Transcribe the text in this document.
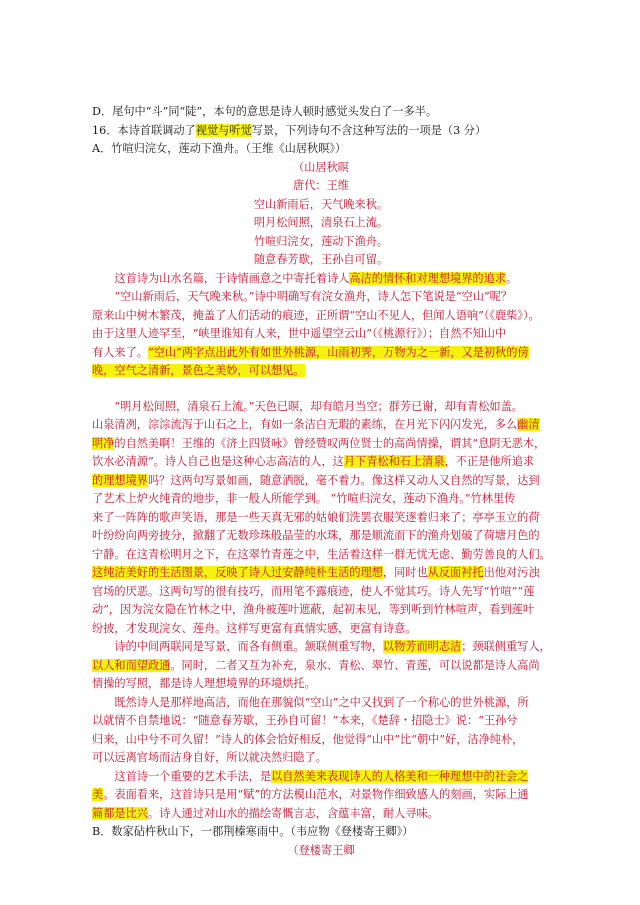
D．尾句中“斗”同“陡”，本句的意思是诗人顿时感觉头发白了一多半。
16．本诗首联调动了视觉与听觉写景，下列诗句不含这种写法的一项是（3 分）
A．竹喧归浣女，莲动下渔舟。（王维《山居秋暝》）
（山居秋暝
唐代：王维
空山新雨后，天气晚来秋。
明月松间照，清泉石上流。
竹喧归浣女，莲动下渔舟。
随意春芳歇，王孙自可留。
这首诗为山水名篇，于诗情画意之中寄托着诗人高洁的情怀和对理想境界的追求。
“空山新雨后，天气晚来秋。”诗中明确写有浣女渔舟，诗人怎下笔说是“空山”呢？
原来山中树木繁茂，掩盖了人们活动的痕迹，正所谓“空山不见人，但闻人语响”（《鹿柴》）。
由于这里人迹罕至，“峡里谁知有人来，世中遥望空云山”（《桃源行》）；自然不知山中
有人来了。“空山”两字点出此外有如世外桃源，山雨初霁，万物为之一新，又是初秋的傍
晚，空气之清新，景色之美妙，可以想见。
“明月松间照，清泉石上流。”天色已暝，却有皓月当空；群芳已谢，却有青松如盖。
山泉清冽，淙淙流泻于山石之上，有如一条洁白无瑕的素练，在月光下闪闪发光，多么幽清
明净的自然美啊！王维的《济上四贤咏》曾经赞叹两位贤士的高尚情操，谓其“息阴无恶木，
饮水必清源”。诗人自己也是这种心志高洁的人，这月下青松和石上清泉，不正是他所追求
的理想境界吗？这两句写景如画，随意洒脱，毫不着力。像这样又动人又自然的写景，达到
了艺术上炉火纯青的地步，非一般人所能学到。 “竹喧归浣女，莲动下渔舟。”竹林里传
来了一阵阵的歌声笑语，那是一些天真无邪的姑娘们洗罢衣服笑逐着归来了；亭亭玉立的荷
叶纷纷向两旁披分，掀翻了无数珍珠般晶莹的水珠，那是顺流而下的渔舟划破了荷塘月色的
宁静。在这青松明月之下，在这翠竹青莲之中，生活着这样一群无忧无虑、勤劳善良的人们。
这纯洁美好的生活图景，反映了诗人过安静纯朴生活的理想，同时也从反面衬托出他对污浊
官场的厌恶。这两句写的很有技巧，而用笔不露痕迹，使人不觉其巧。诗人先写“竹喧”“莲
动”，因为浣女隐在竹林之中，渔舟被莲叶遮蔽，起初未见，等到听到竹林喧声，看到莲叶
纷披，才发现浣女、莲舟。这样写更富有真情实感，更富有诗意。
诗的中间两联同是写景，而各有侧重。颔联侧重写物，以物芳而明志洁；颈联侧重写人，
以人和而望政通。同时，二者又互为补充，泉水、青松、翠竹、青莲，可以说都是诗人高尚
情操的写照，都是诗人理想境界的环境烘托。
既然诗人是那样地高洁，而他在那貌似“空山”之中又找到了一个称心的世外桃源，所
以就情不自禁地说：“随意春芳歇，王孙自可留！”本来，《楚辞・招隐士》说：“王孙兮
归来，山中兮不可久留！”诗人的体会恰好相反，他觉得“山中”比“朝中”好，洁净纯朴，
可以远离官场而洁身自好，所以就决然归隐了。
这首诗一个重要的艺术手法，是以自然美来表现诗人的人格美和一种理想中的社会之
美。表面看来，这首诗只是用“赋”的方法模山范水，对景物作细致感人的刻画，实际上通
篇都是比兴。诗人通过对山水的描绘寄慨言志，含蕴丰富，耐人寻味。
B．数家砧杵秋山下，一郡荆榛寒雨中。（韦应物《登楼寄王卿》）
（登楼寄王卿
